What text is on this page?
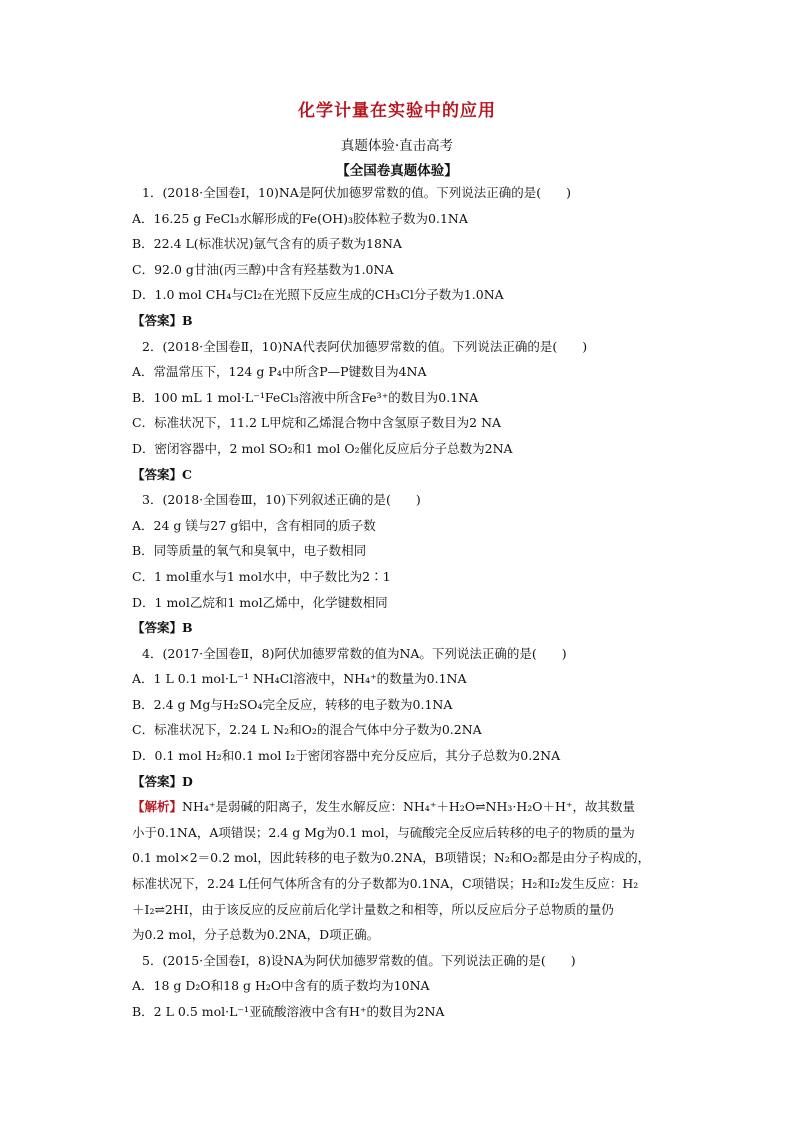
化学计量在实验中的应用
真题体验·直击高考
【全国卷真题体验】
1．(2018·全国卷Ⅰ，10)NA是阿伏加德罗常数的值。下列说法正确的是(　　)
A．16.25 g FeCl₃水解形成的Fe(OH)₃胶体粒子数为0.1NA
B．22.4 L(标准状况)氩气含有的质子数为18NA
C．92.0 g甘油(丙三醇)中含有羟基数为1.0NA
D．1.0 mol CH₄与Cl₂在光照下反应生成的CH₃Cl分子数为1.0NA
【答案】B
2．(2018·全国卷Ⅱ，10)NA代表阿伏加德罗常数的值。下列说法正确的是(　　)
A．常温常压下，124 g P₄中所含P—P键数目为4NA
B．100 mL 1 mol·L⁻¹FeCl₃溶液中所含Fe³⁺的数目为0.1NA
C．标准状况下，11.2 L甲烷和乙烯混合物中含氢原子数目为2 NA
D．密闭容器中，2 mol SO₂和1 mol O₂催化反应后分子总数为2NA
【答案】C
3．(2018·全国卷Ⅲ，10)下列叙述正确的是(　　)
A．24 g 镁与27 g铝中，含有相同的质子数
B．同等质量的氧气和臭氧中，电子数相同
C．1 mol重水与1 mol水中，中子数比为2∶1
D．1 mol乙烷和1 mol乙烯中，化学键数相同
【答案】B
4．(2017·全国卷Ⅱ，8)阿伏加德罗常数的值为NA。下列说法正确的是(　　)
A．1 L 0.1 mol·L⁻¹ NH₄Cl溶液中，NH₄⁺的数量为0.1NA
B．2.4 g Mg与H₂SO₄完全反应，转移的电子数为0.1NA
C．标准状况下，2.24 L N₂和O₂的混合气体中分子数为0.2NA
D．0.1 mol H₂和0.1 mol I₂于密闭容器中充分反应后，其分子总数为0.2NA
【答案】D
【解析】NH₄⁺是弱碱的阳离子，发生水解反应：NH₄⁺＋H₂O⇌NH₃·H₂O＋H⁺，故其数量
小于0.1NA，A项错误；2.4 g Mg为0.1 mol，与硫酸完全反应后转移的电子的物质的量为
0.1 mol×2＝0.2 mol，因此转移的电子数为0.2NA，B项错误；N₂和O₂都是由分子构成的，
标准状况下，2.24 L任何气体所含有的分子数都为0.1NA，C项错误；H₂和I₂发生反应：H₂
＋I₂⇌2HI，由于该反应的反应前后化学计量数之和相等，所以反应后分子总物质的量仍
为0.2 mol，分子总数为0.2NA，D项正确。
5．(2015·全国卷Ⅰ，8)设NA为阿伏加德罗常数的值。下列说法正确的是(　　)
A．18 g D₂O和18 g H₂O中含有的质子数均为10NA
B．2 L 0.5 mol·L⁻¹亚硫酸溶液中含有H⁺的数目为2NA
